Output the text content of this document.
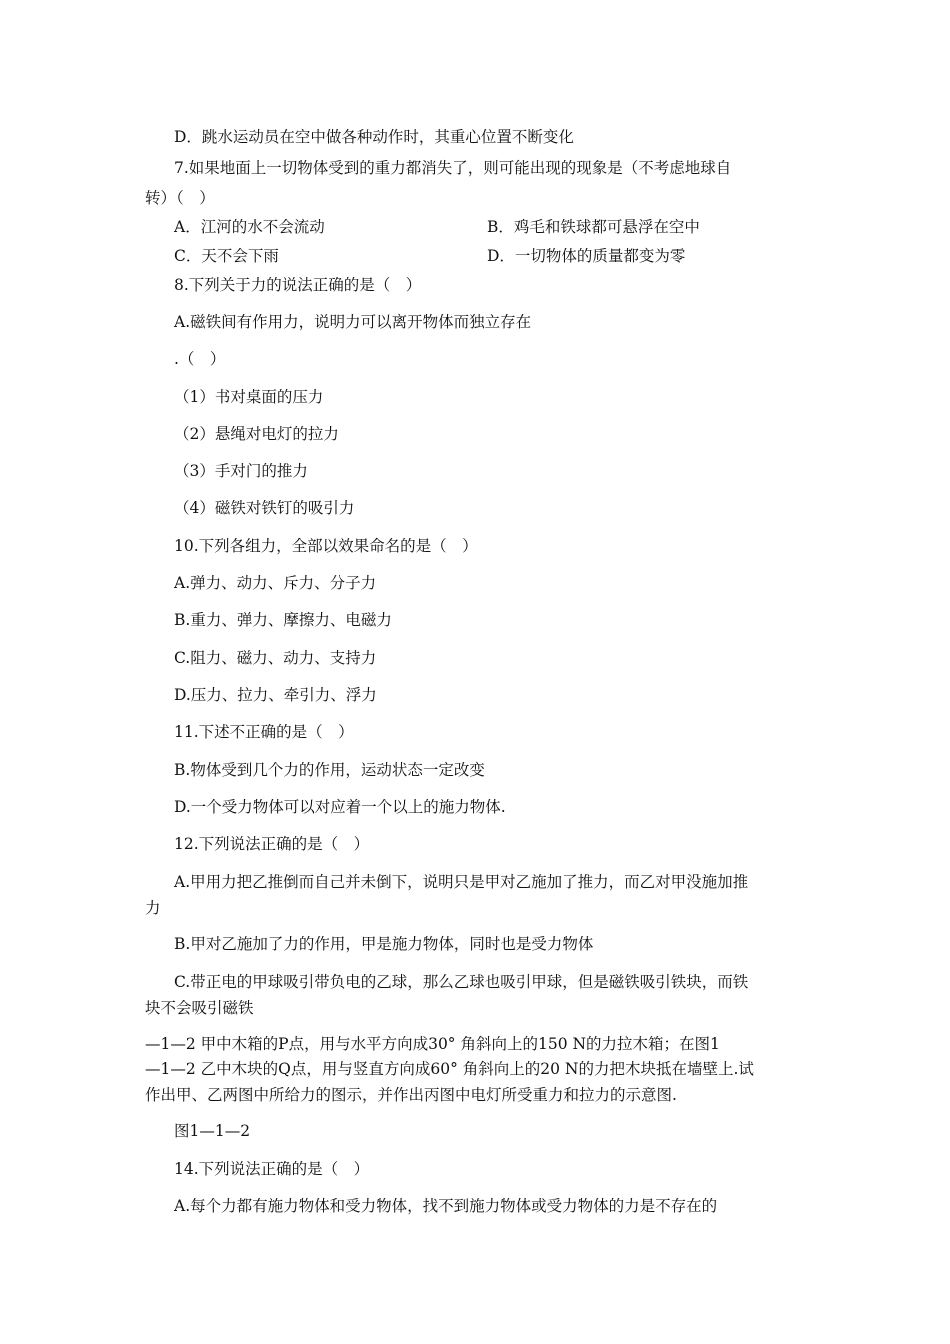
D．跳水运动员在空中做各种动作时，其重心位置不断变化
7.如果地面上一切物体受到的重力都消失了，则可能出现的现象是（不考虑地球自
转）（　）
A．江河的水不会流动	B．鸡毛和铁球都可悬浮在空中
C．天不会下雨	D．一切物体的质量都变为零
8.下列关于力的说法正确的是（　）
A.磁铁间有作用力，说明力可以离开物体而独立存在
.（　）
（1）书对桌面的压力
（2）悬绳对电灯的拉力
（3）手对门的推力
（4）磁铁对铁钉的吸引力
10.下列各组力，全部以效果命名的是（　）
A.弹力、动力、斥力、分子力
B.重力、弹力、摩擦力、电磁力
C.阻力、磁力、动力、支持力
D.压力、拉力、牵引力、浮力
11.下述不正确的是（　）
B.物体受到几个力的作用，运动状态一定改变
D.一个受力物体可以对应着一个以上的施力物体.
12.下列说法正确的是（　）
A.甲用力把乙推倒而自己并未倒下，说明只是甲对乙施加了推力，而乙对甲没施加推
力
B.甲对乙施加了力的作用，甲是施力物体，同时也是受力物体
C.带正电的甲球吸引带负电的乙球，那么乙球也吸引甲球，但是磁铁吸引铁块，而铁
块不会吸引磁铁
—1—2 甲中木箱的P点，用与水平方向成30° 角斜向上的150 N的力拉木箱；在图1
—1—2 乙中木块的Q点，用与竖直方向成60° 角斜向上的20 N的力把木块抵在墙壁上.试
作出甲、乙两图中所给力的图示，并作出丙图中电灯所受重力和拉力的示意图.
图1—1—2
14.下列说法正确的是（　）
A.每个力都有施力物体和受力物体，找不到施力物体或受力物体的力是不存在的
